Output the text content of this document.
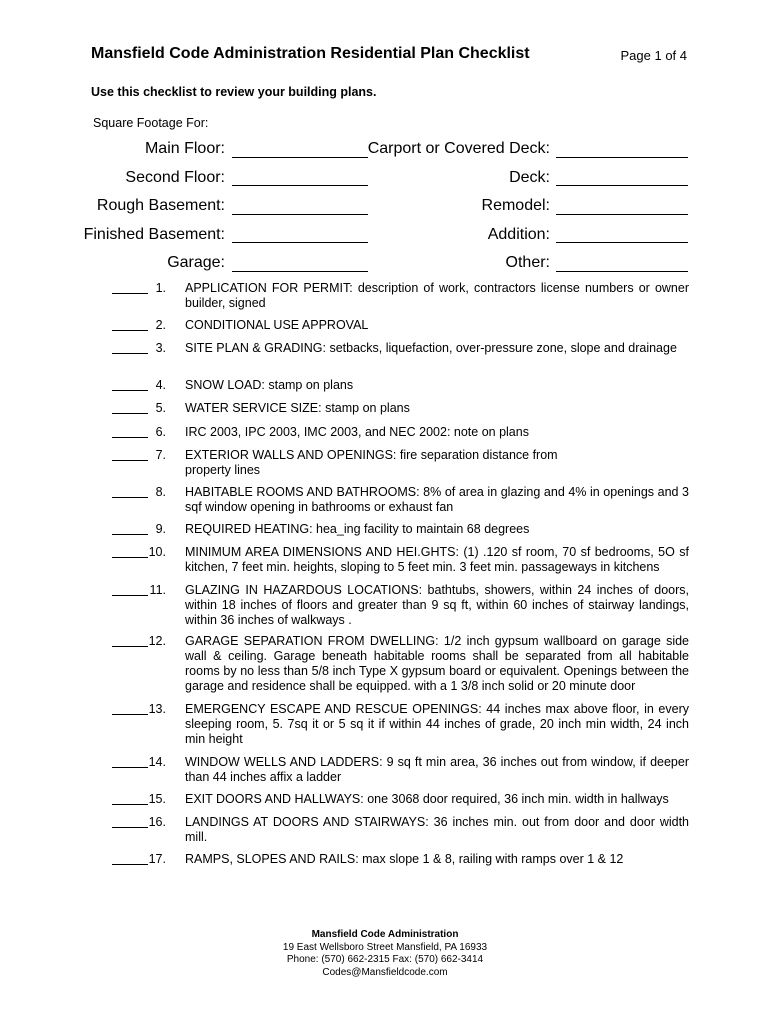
Mansfield Code Administration Residential Plan Checklist	Page 1 of 4
Use this checklist to review your building plans.
Square Footage For:
Main Floor:
Second Floor:
Rough Basement:
Finished Basement:
Garage:
Carport or Covered Deck:
Deck:
Remodel:
Addition:
Other:
1. APPLICATION FOR PERMIT: description of work, contractors license numbers or owner builder, signed
2. CONDITIONAL USE APPROVAL
3. SITE PLAN & GRADING: setbacks, liquefaction, over-pressure zone, slope and drainage
4. SNOW LOAD: stamp on plans
5. WATER SERVICE SIZE: stamp on plans
6. IRC 2003, IPC 2003, IMC 2003, and NEC 2002: note on plans
7. EXTERIOR WALLS AND OPENINGS: fire separation distance from property lines
8. HABITABLE ROOMS AND BATHROOMS: 8% of area in glazing and 4% in openings and 3 sqf window opening in bathrooms or exhaust fan
9. REQUIRED HEATING: hea_ing facility to maintain 68 degrees
10. MINIMUM AREA DIMENSIONS AND HEI.GHTS: (1) .120 sf room, 70 sf bedrooms, 5O sf kitchen, 7 feet min. heights, sloping to 5 feet min. 3 feet min. passageways in kitchens
11. GLAZING IN HAZARDOUS LOCATIONS: bathtubs, showers, within 24 inches of doors, within 18 inches of floors and greater than 9 sq ft, within 60 inches of stairway landings, within 36 inches of walkways .
12. GARAGE SEPARATION FROM DWELLING: 1/2 inch gypsum wallboard on garage side wall & ceiling. Garage beneath habitable rooms shall be separated from all habitable rooms by no less than 5/8 inch Type X gypsum board or equivalent. Openings between the garage and residence shall be equipped. with a 1 3/8 inch solid or 20 minute door
13. EMERGENCY ESCAPE AND RESCUE OPENINGS: 44 inches max above floor, in every sleeping room, 5. 7sq it or 5 sq it if within 44 inches of grade, 20 inch min width, 24 inch min height
14. WINDOW WELLS AND LADDERS: 9 sq ft min area, 36 inches out from window, if deeper than 44 inches affix a ladder
15. EXIT DOORS AND HALLWAYS: one 3068 door required, 36 inch min. width in hallways
16. LANDINGS AT DOORS AND STAIRWAYS: 36 inches min. out from door and door width mill.
17. RAMPS, SLOPES AND RAILS: max slope 1 & 8, railing with ramps over 1 & 12
Mansfield Code Administration
19 East Wellsboro Street Mansfield, PA 16933
Phone: (570) 662-2315 Fax: (570) 662-3414
Codes@Mansfieldcode.com
